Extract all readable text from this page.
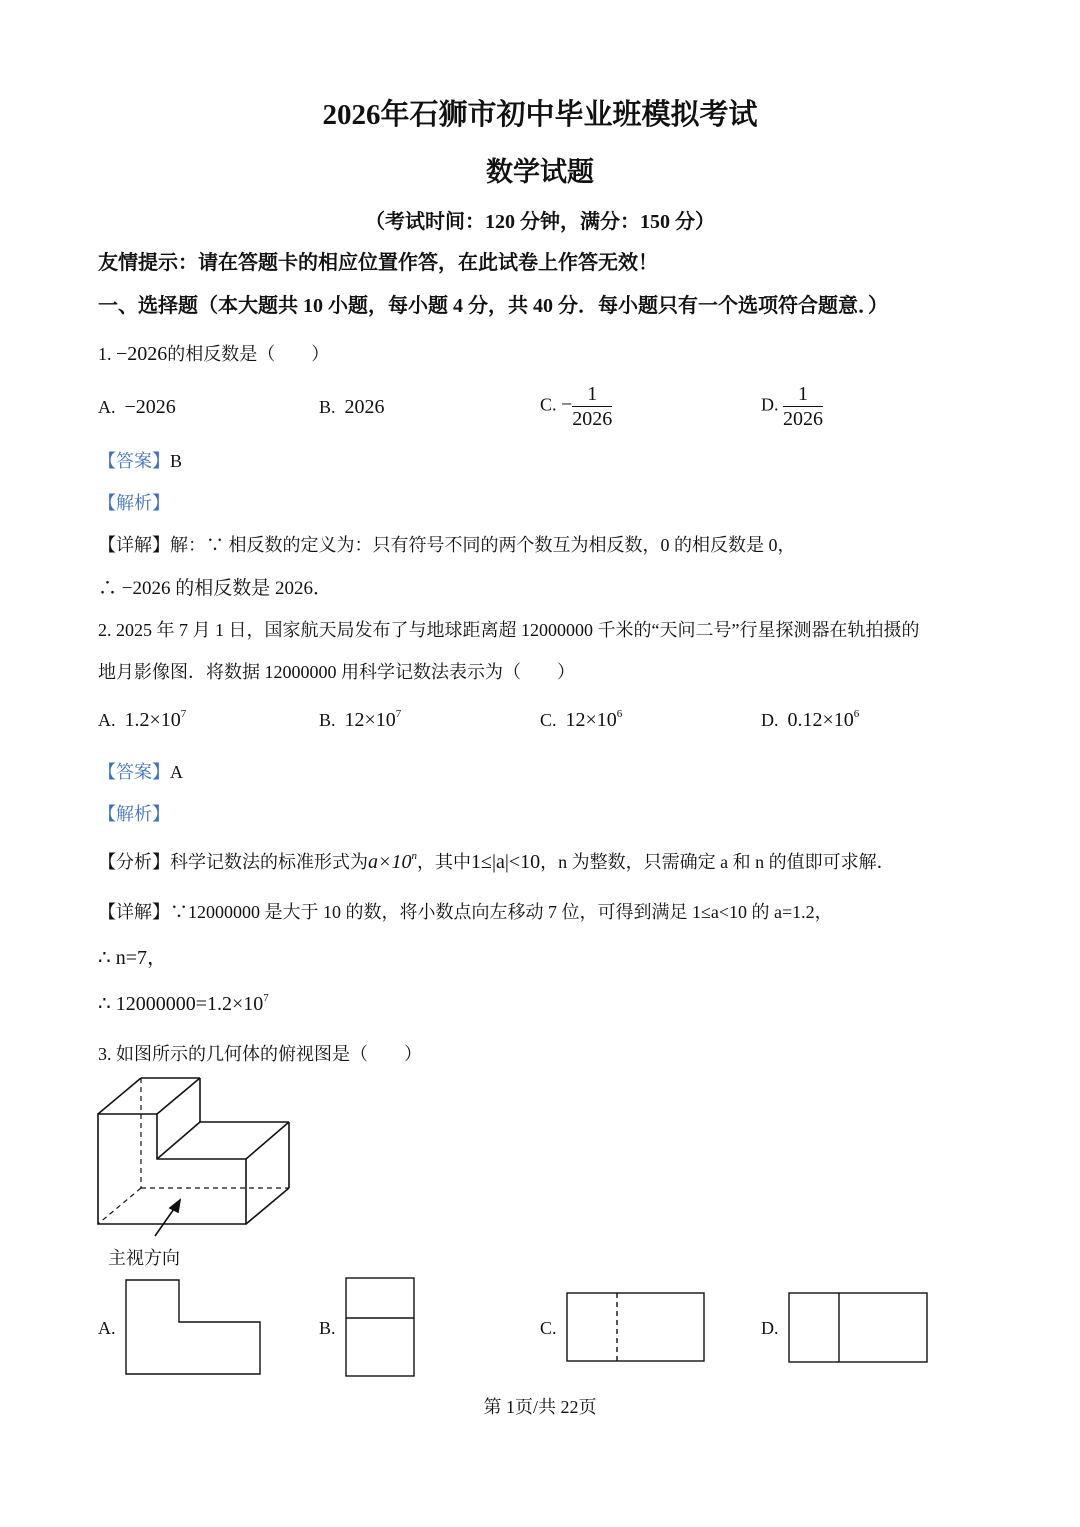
2026年石狮市初中毕业班模拟考试
数学试题
（考试时间：120 分钟，满分：150 分）
友情提示：请在答题卡的相应位置作答，在此试卷上作答无效！
一、选择题（本大题共 10 小题，每小题 4 分，共 40 分．每小题只有一个选项符合题意．）
1. −2026的相反数是（　　）
A. −2026	B. 2026	C. − $\frac{1}{2026}$	D. $\frac{1}{2026}$
【答案】B
【解析】
【详解】解：∵ 相反数的定义为：只有符号不同的两个数互为相反数，0 的相反数是 0，
∴ −2026 的相反数是 2026．
2. 2025 年 7 月 1 日，国家航天局发布了与地球距离超 12000000 千米的“天问二号”行星探测器在轨拍摄的
地月影像图．将数据 12000000 用科学记数法表示为（　　）
A. $1.2\times 10^7$	B. $12\times 10^7$	C. $12\times 10^6$	D. $0.12\times 10^6$
【答案】A
【解析】
【分析】科学记数法的标准形式为$a\times 10^n$，其中1≤|a|<10，n 为整数，只需确定 a 和 n 的值即可求解．
【详解】∵12000000 是大于 10 的数，将小数点向左移动 7 位，可得到满足 1≤a<10 的 a=1.2，
∴ n=7，
∴ $12000000=1.2\times 10^7$
3. 如图所示的几何体的俯视图是（　　）
主视方向
A.	B.	C.	D.
第 1页/共 22页
